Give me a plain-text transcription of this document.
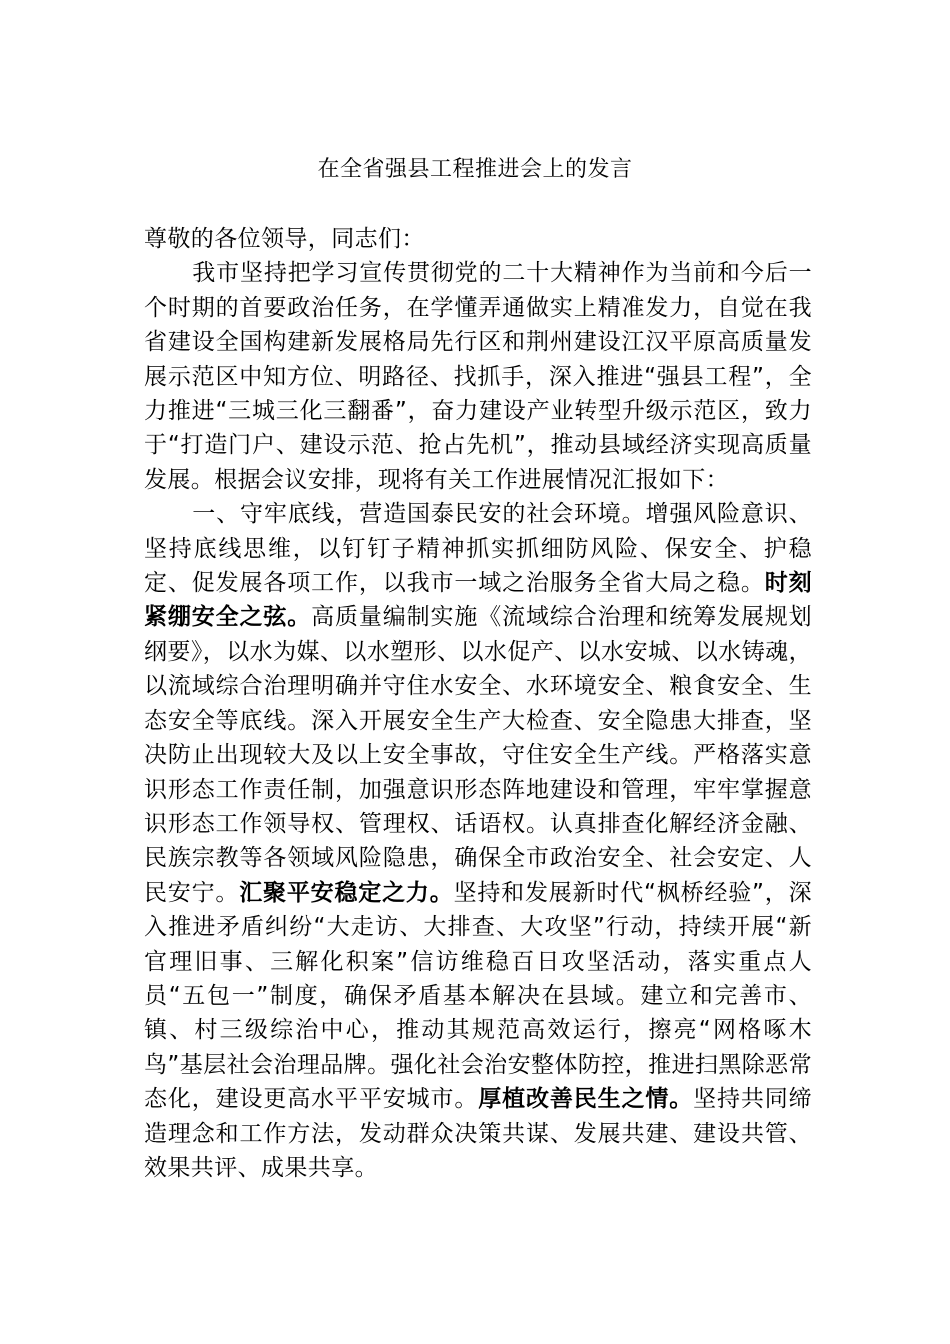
在全省强县工程推进会上的发言

尊敬的各位领导，同志们：

我市坚持把学习宣传贯彻党的二十大精神作为当前和今后一个时期的首要政治任务，在学懂弄通做实上精准发力，自觉在我省建设全国构建新发展格局先行区和荆州建设江汉平原高质量发展示范区中知方位、明路径、找抓手，深入推进“强县工程”，全力推进“三城三化三翻番”，奋力建设产业转型升级示范区，致力于“打造门户、建设示范、抢占先机”，推动县域经济实现高质量发展。根据会议安排，现将有关工作进展情况汇报如下：

一、守牢底线，营造国泰民安的社会环境。增强风险意识、坚持底线思维，以钉钉子精神抓实抓细防风险、保安全、护稳定、促发展各项工作，以我市一域之治服务全省大局之稳。时刻紧绷安全之弦。高质量编制实施《流域综合治理和统筹发展规划纲要》，以水为媒、以水塑形、以水促产、以水安城、以水铸魂，以流域综合治理明确并守住水安全、水环境安全、粮食安全、生态安全等底线。深入开展安全生产大检查、安全隐患大排查，坚决防止出现较大及以上安全事故，守住安全生产线。严格落实意识形态工作责任制，加强意识形态阵地建设和管理，牢牢掌握意识形态工作领导权、管理权、话语权。认真排查化解经济金融、民族宗教等各领域风险隐患，确保全市政治安全、社会安定、人民安宁。汇聚平安稳定之力。坚持和发展新时代“枫桥经验”，深入推进矛盾纠纷“大走访、大排查、大攻坚”行动，持续开展“新官理旧事、三解化积案”信访维稳百日攻坚活动，落实重点人员“五包一”制度，确保矛盾基本解决在县域。建立和完善市、镇、村三级综治中心，推动其规范高效运行，擦亮“网格啄木鸟”基层社会治理品牌。强化社会治安整体防控，推进扫黑除恶常态化，建设更高水平平安城市。厚植改善民生之情。坚持共同缔造理念和工作方法，发动群众决策共谋、发展共建、建设共管、效果共评、成果共享。
